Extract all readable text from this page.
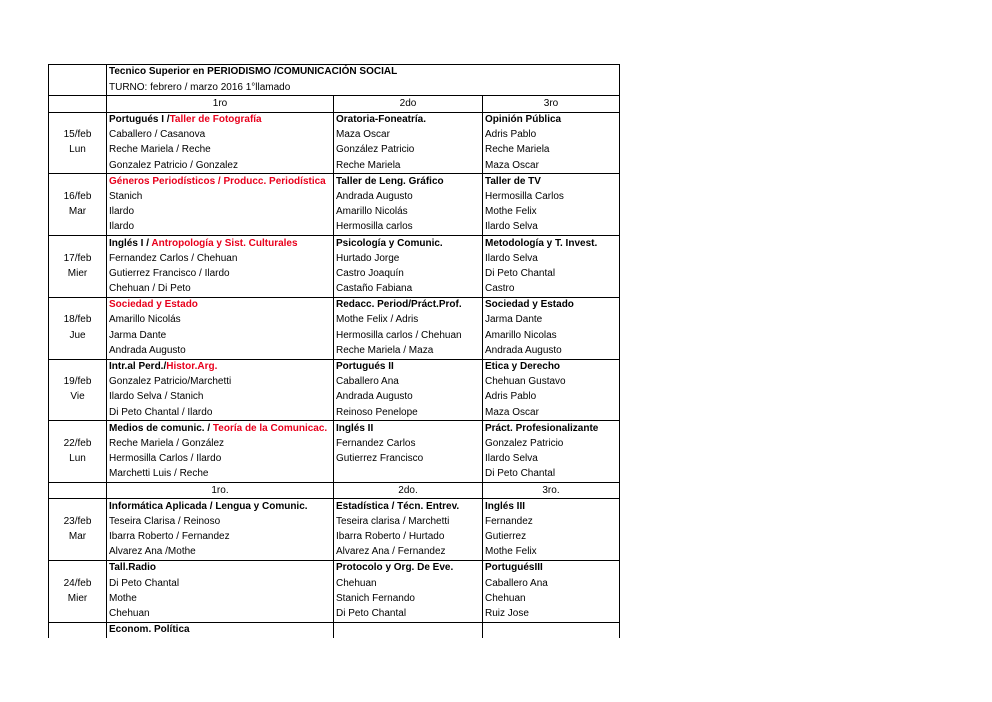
	Tecnico Superior en PERIODISMO /COMUNICACIÓN SOCIAL		
	TURNO: febrero / marzo 2016 1°llamado		
	1ro	2do	3ro
	Portugués I /Taller de Fotografía	Oratoria-Foneatría.	Opinión Pública
15/feb	Caballero / Casanova	Maza Oscar	Adris Pablo
Lun	Reche Mariela / Reche	González Patricio	Reche Mariela
	Gonzalez Patricio / Gonzalez	Reche Mariela	Maza Oscar
	Géneros Periodísticos / Producc. Periodística	Taller de Leng. Gráfico	Taller de TV
16/feb	Stanich	Andrada Augusto	Hermosilla Carlos
Mar	Ilardo	Amarillo Nicolás	Mothe Felix
	Ilardo	Hermosilla carlos	Ilardo Selva
	Inglés I / Antropología y Sist. Culturales	Psicología y Comunic.	Metodología y T. Invest.
17/feb	Fernandez Carlos / Chehuan	Hurtado Jorge	Ilardo Selva
Mier	Gutierrez Francisco / Ilardo	Castro Joaquín	Di Peto Chantal
	Chehuan / Di Peto	Castaño Fabiana	Castro
	Sociedad y Estado	Redacc. Period/Práct.Prof.	Sociedad y Estado
18/feb	Amarillo Nicolás	Mothe Felix / Adris	Jarma Dante
Jue	Jarma Dante	Hermosilla carlos / Chehuan	Amarillo Nicolas
	Andrada Augusto	Reche Mariela / Maza	Andrada Augusto
	Intr.al Perd./Histor.Arg.	Portugués II	Etica y Derecho
19/feb	Gonzalez Patricio/Marchetti	Caballero Ana	Chehuan Gustavo
Vie	Ilardo Selva / Stanich	Andrada Augusto	Adris Pablo
	Di Peto Chantal / Ilardo	Reinoso Penelope	Maza Oscar
	Medios de comunic. / Teoría de la Comunicac.	Inglés II	Práct. Profesionalizante
22/feb	Reche Mariela / González	Fernandez Carlos	Gonzalez Patricio
Lun	Hermosilla Carlos / Ilardo	Gutierrez Francisco	Ilardo Selva
	Marchetti Luis / Reche		Di Peto Chantal
	1ro.	2do.	3ro.
	Informática Aplicada / Lengua y Comunic.	Estadística / Técn. Entrev.	Inglés III
23/feb	Teseira Clarisa / Reinoso	Teseira clarisa / Marchetti	Fernandez
Mar	Ibarra Roberto / Fernandez	Ibarra Roberto / Hurtado	Gutierrez
	Alvarez Ana /Mothe	Alvarez Ana / Fernandez	Mothe Felix
	Tall.Radio	Protocolo y Org. De Eve.	PortuguésIII
24/feb	Di Peto Chantal	Chehuan	Caballero Ana
Mier	Mothe	Stanich Fernando	Chehuan
	Chehuan	Di Peto Chantal	Ruiz Jose
	Econom. Política		
